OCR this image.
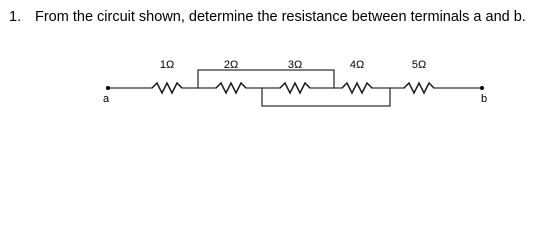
1. From the circuit shown, determine the resistance between terminals a and b.

1Ω	2Ω	3Ω	4Ω	5Ω
a	b
